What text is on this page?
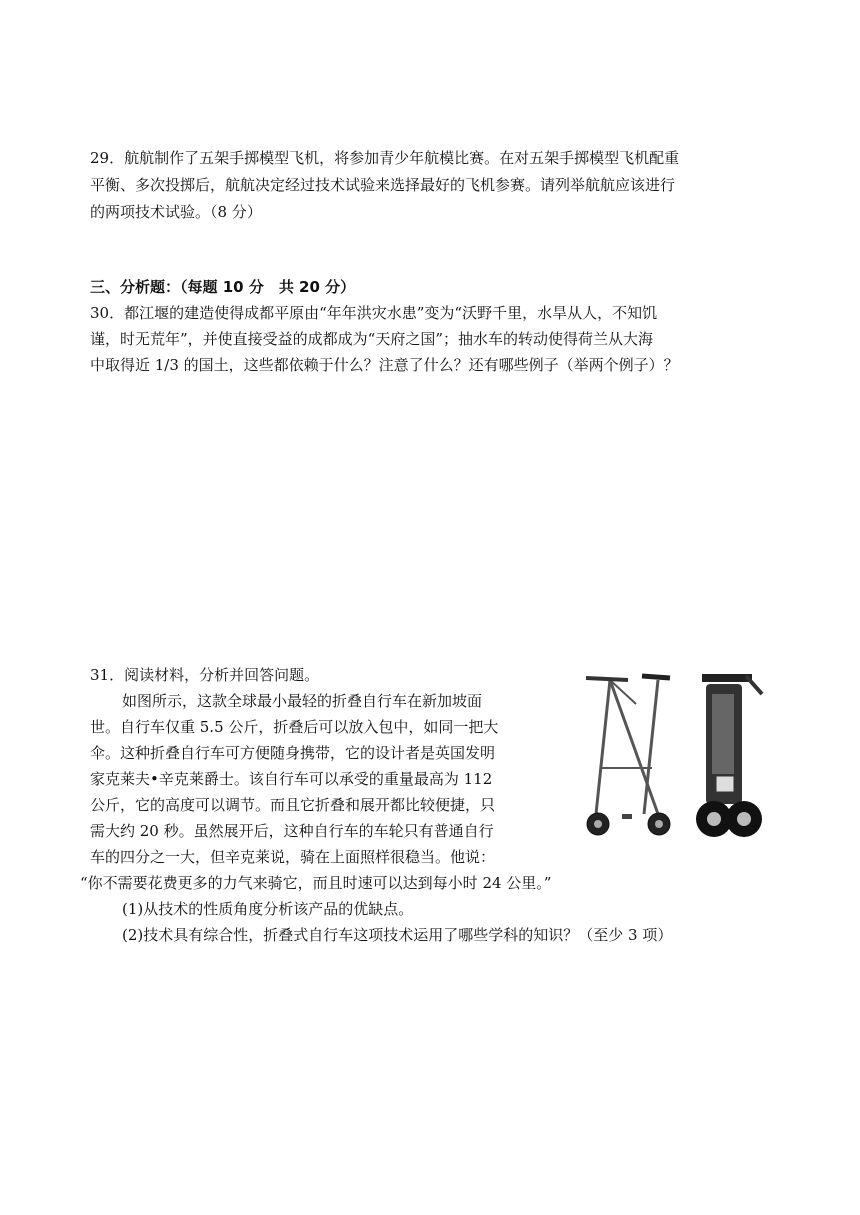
29．航航制作了五架手掷模型飞机，将参加青少年航模比赛。在对五架手掷模型飞机配重
平衡、多次投掷后，航航决定经过技术试验来选择最好的飞机参赛。请列举航航应该进行
的两项技术试验。（8 分）
三、分析题：（每题 10 分　共 20 分）
30．都江堰的建造使得成都平原由“年年洪灾水患”变为“沃野千里，水旱从人，不知饥
谨，时无荒年”，并使直接受益的成都成为“天府之国”；抽水车的转动使得荷兰从大海
中取得近 1/3 的国土，这些都依赖于什么？注意了什么？还有哪些例子（举两个例子）？
31．阅读材料，分析并回答问题。
如图所示，这款全球最小最轻的折叠自行车在新加坡面
世。自行车仅重 5.5 公斤，折叠后可以放入包中，如同一把大
伞。这种折叠自行车可方便随身携带，它的设计者是英国发明
家克莱夫•辛克莱爵士。该自行车可以承受的重量最高为 112
公斤，它的高度可以调节。而且它折叠和展开都比较便捷，只
需大约 20 秒。虽然展开后，这种自行车的车轮只有普通自行
车的四分之一大，但辛克莱说，骑在上面照样很稳当。他说：
“你不需要花费更多的力气来骑它，而且时速可以达到每小时 24 公里。”
(1)从技术的性质角度分析该产品的优缺点。
(2)技术具有综合性，折叠式自行车这项技术运用了哪些学科的知识？（至少 3 项）
